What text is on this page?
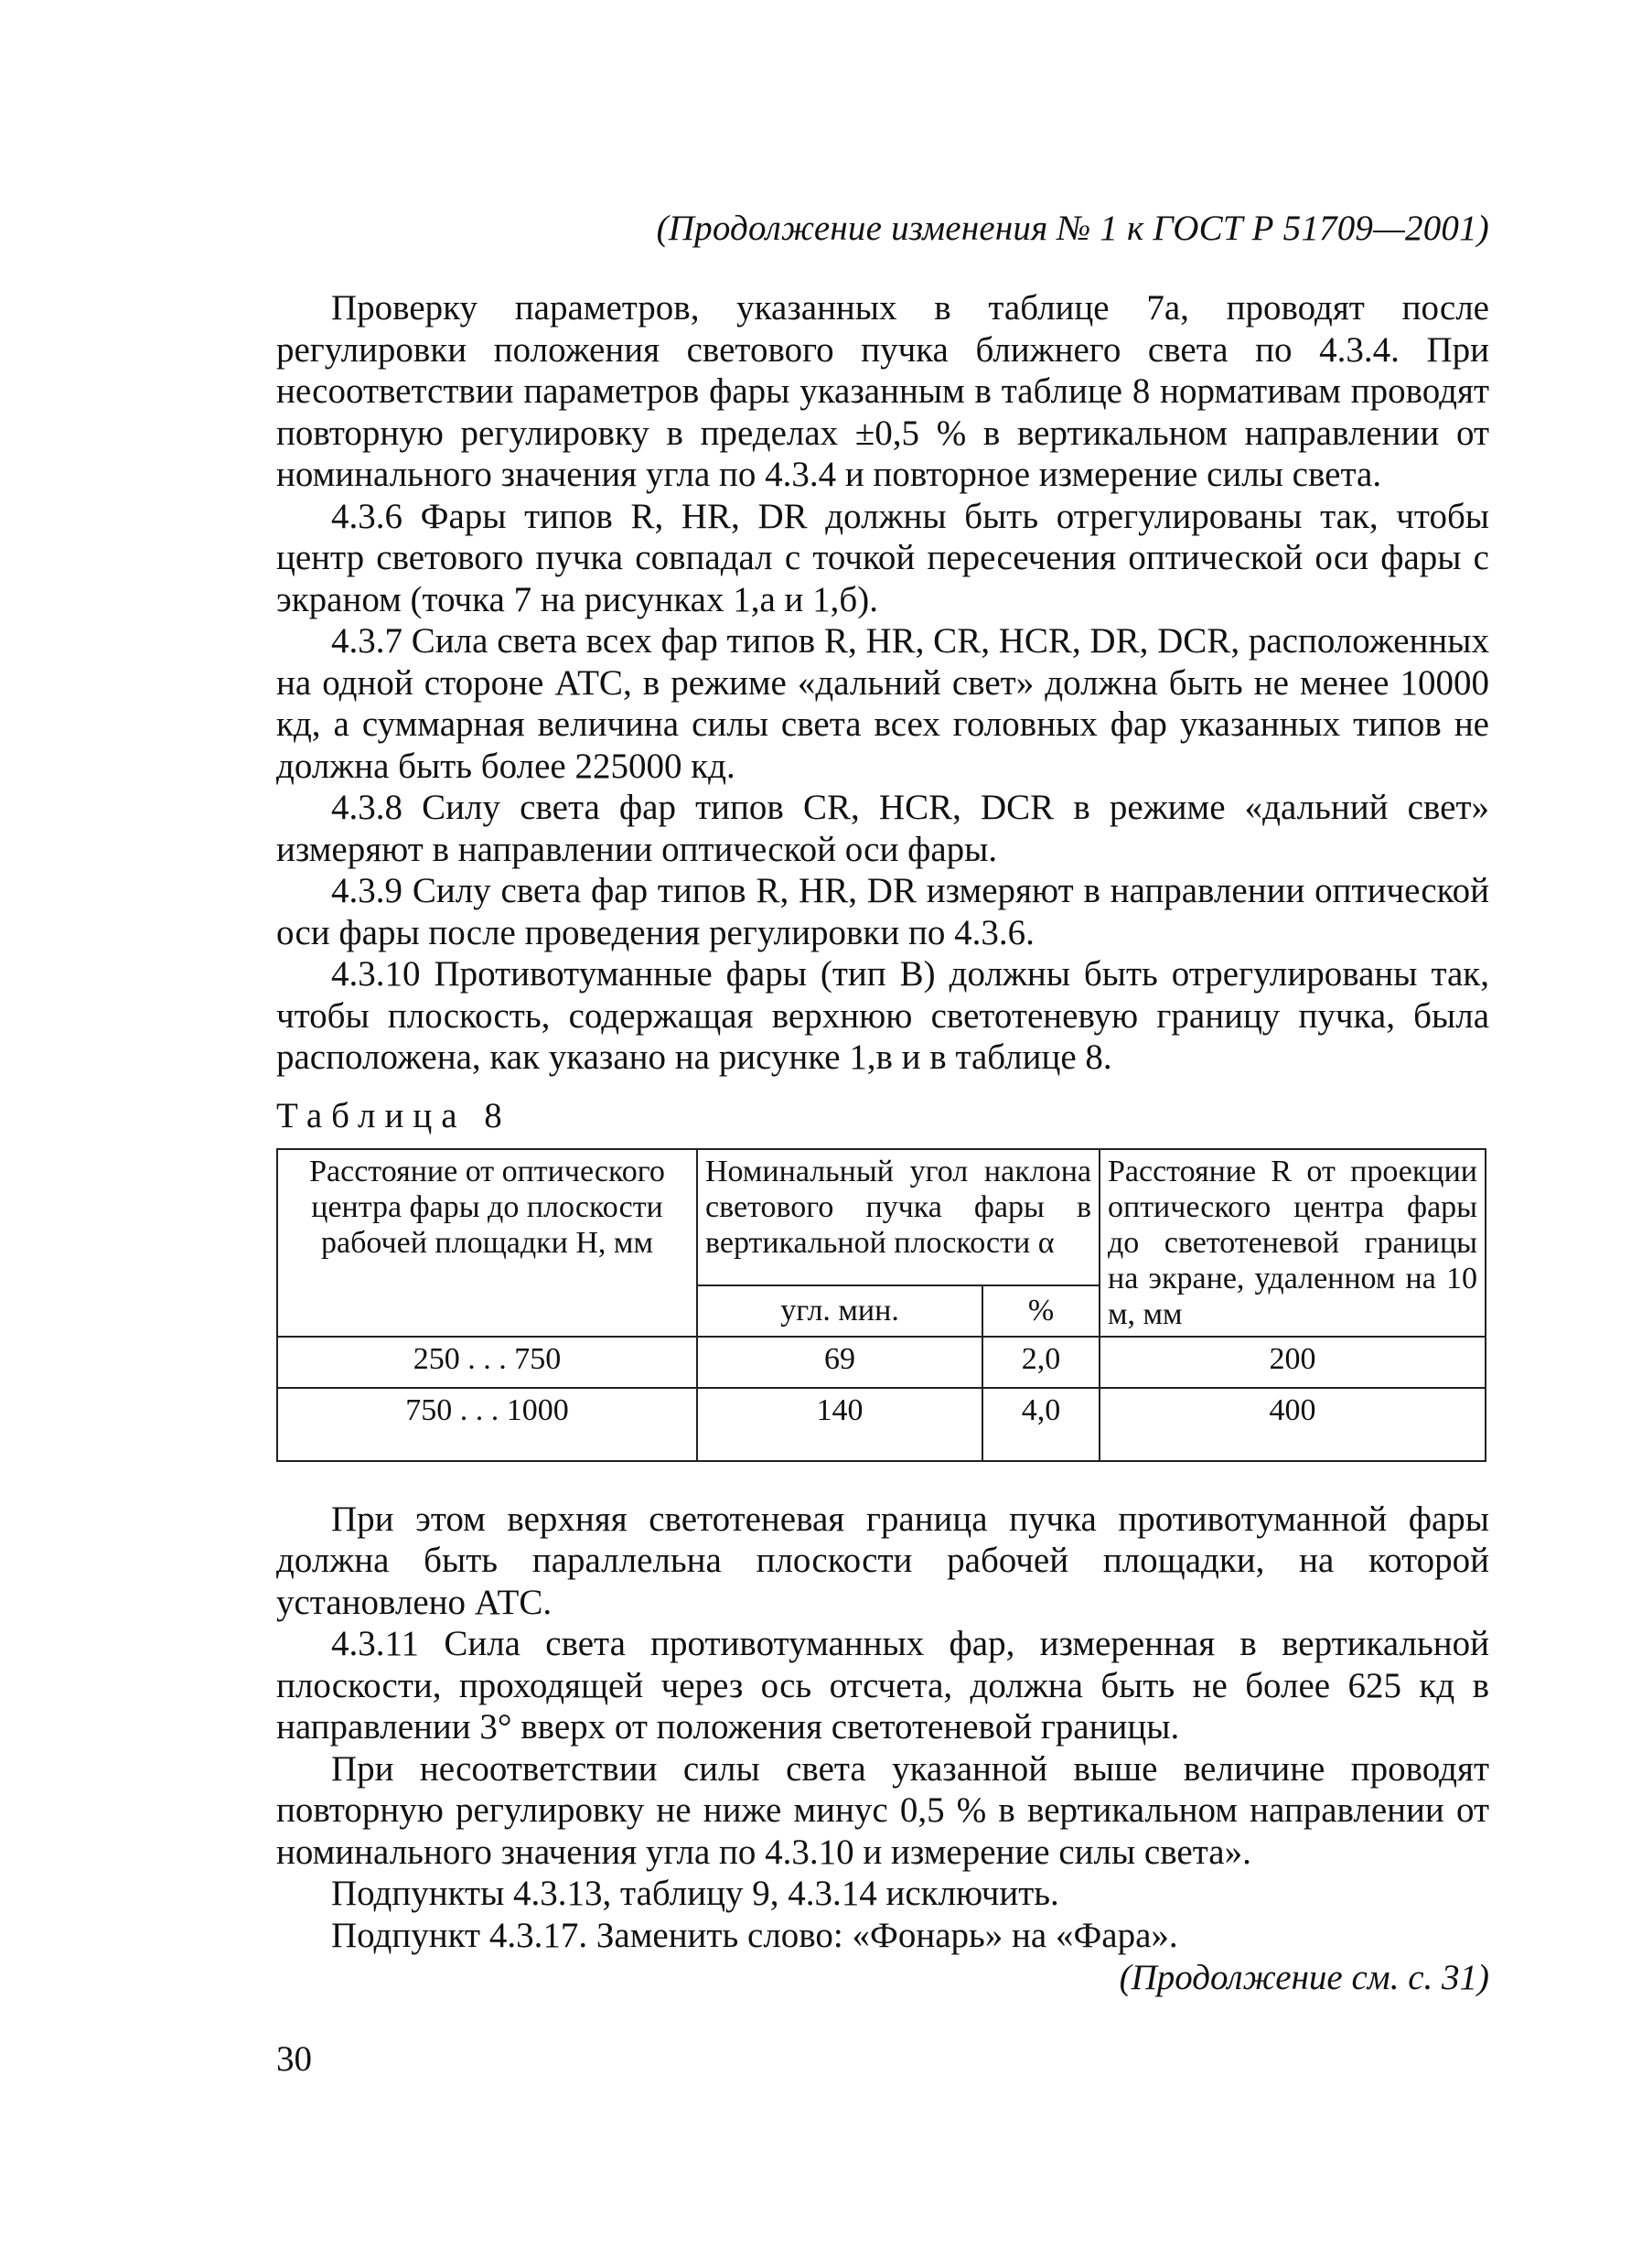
(Продолжение изменения № 1 к ГОСТ Р 51709—2001)

Проверку параметров, указанных в таблице 7а, проводят после регулировки положения светового пучка ближнего света по 4.3.4. При несоответствии параметров фары указанным в таблице 8 нормативам проводят повторную регулировку в пределах ±0,5 % в вертикальном направлении от номинального значения угла по 4.3.4 и повторное измерение силы света.

4.3.6 Фары типов R, HR, DR должны быть отрегулированы так, чтобы центр светового пучка совпадал с точкой пересечения оптической оси фары с экраном (точка 7 на рисунках 1,а и 1,б).

4.3.7 Сила света всех фар типов R, HR, CR, HCR, DR, DCR, расположенных на одной стороне АТС, в режиме «дальний свет» должна быть не менее 10000 кд, а суммарная величина силы света всех головных фар указанных типов не должна быть более 225000 кд.

4.3.8 Силу света фар типов CR, HCR, DCR в режиме «дальний свет» измеряют в направлении оптической оси фары.

4.3.9 Силу света фар типов R, HR, DR измеряют в направлении оптической оси фары после проведения регулировки по 4.3.6.

4.3.10 Противотуманные фары (тип В) должны быть отрегулированы так, чтобы плоскость, содержащая верхнюю светотеневую границу пучка, была расположена, как указано на рисунке 1,в и в таблице 8.

Таблица 8
Расстояние от оптического центра фары до плоскости рабочей площадки H, мм	Номинальный угол наклона светового пучка фары в вертикальной плоскости α		Расстояние R от проекции оптического центра фары до светотеневой границы на экране, удаленном на 10 м, мм
	угл. мин.	%	
250 . . . 750	69	2,0	200
750 . . . 1000	140	4,0	400

При этом верхняя светотеневая граница пучка противотуманной фары должна быть параллельна плоскости рабочей площадки, на которой установлено АТС.

4.3.11 Сила света противотуманных фар, измеренная в вертикальной плоскости, проходящей через ось отсчета, должна быть не более 625 кд в направлении 3° вверх от положения светотеневой границы.

При несоответствии силы света указанной выше величине проводят повторную регулировку не ниже минус 0,5 % в вертикальном направлении от номинального значения угла по 4.3.10 и измерение силы света».

Подпункты 4.3.13, таблицу 9, 4.3.14 исключить.

Подпункт 4.3.17. Заменить слово: «Фонарь» на «Фара».

(Продолжение см. с. 31)

30
